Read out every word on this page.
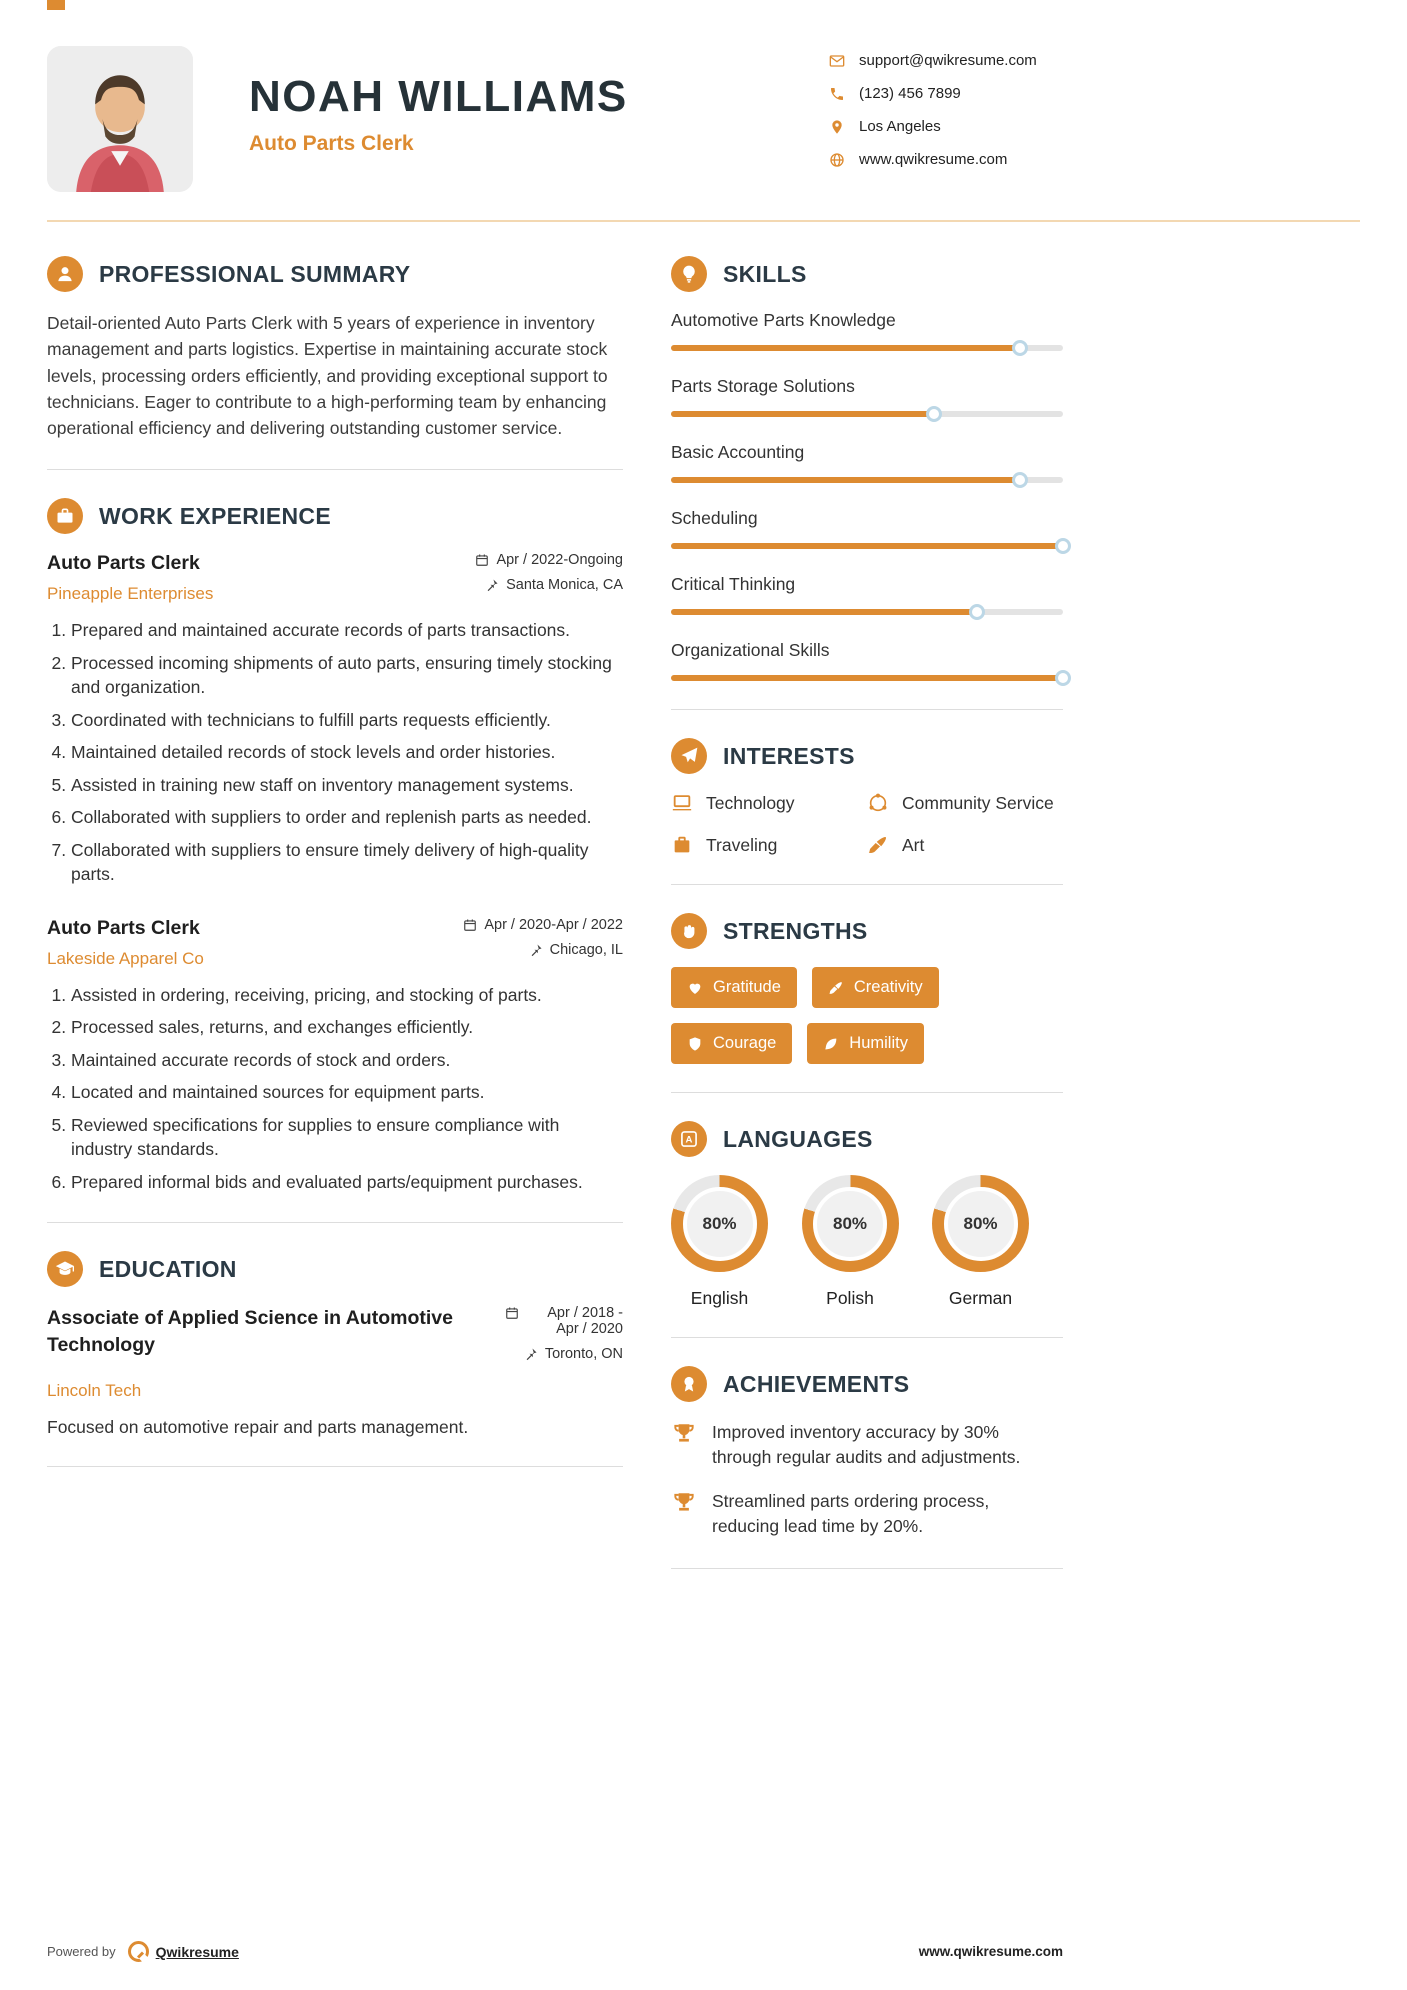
NOAH WILLIAMS
Auto Parts Clerk
support@qwikresume.com
(123) 456 7899
Los Angeles
www.qwikresume.com
PROFESSIONAL SUMMARY

Detail-oriented Auto Parts Clerk with 5 years of experience in inventory management and parts logistics. Expertise in maintaining accurate stock levels, processing orders efficiently, and providing exceptional support to technicians. Eager to contribute to a high-performing team by enhancing operational efficiency and delivering outstanding customer service.

WORK EXPERIENCE
Auto Parts Clerk
Pineapple Enterprises
Apr / 2022-Ongoing
Santa Monica, CA
1. Prepared and maintained accurate records of parts transactions.
2. Processed incoming shipments of auto parts, ensuring timely stocking and organization.
3. Coordinated with technicians to fulfill parts requests efficiently.
4. Maintained detailed records of stock levels and order histories.
5. Assisted in training new staff on inventory management systems.
6. Collaborated with suppliers to order and replenish parts as needed.
7. Collaborated with suppliers to ensure timely delivery of high-quality parts.
Auto Parts Clerk
Lakeside Apparel Co
Apr / 2020-Apr / 2022
Chicago, IL
1. Assisted in ordering, receiving, pricing, and stocking of parts.
2. Processed sales, returns, and exchanges efficiently.
3. Maintained accurate records of stock and orders.
4. Located and maintained sources for equipment parts.
5. Reviewed specifications for supplies to ensure compliance with industry standards.
6. Prepared informal bids and evaluated parts/equipment purchases.
EDUCATION
Associate of Applied Science in Automotive Technology
Apr / 2018 - Apr / 2020
Toronto, ON
Lincoln Tech
Focused on automotive repair and parts management.
SKILLS
Automotive Parts Knowledge
Parts Storage Solutions
Basic Accounting
Scheduling
Critical Thinking
Organizational Skills
INTERESTS
Technology	Community Service
Traveling	Art
STRENGTHS
Gratitude	Creativity
Courage	Humility
LANGUAGES
80%
English
80%
Polish
80%
German
ACHIEVEMENTS
Improved inventory accuracy by 30% through regular audits and adjustments.
Streamlined parts ordering process, reducing lead time by 20%.
Powered by	Qwikresume	www.qwikresume.com
